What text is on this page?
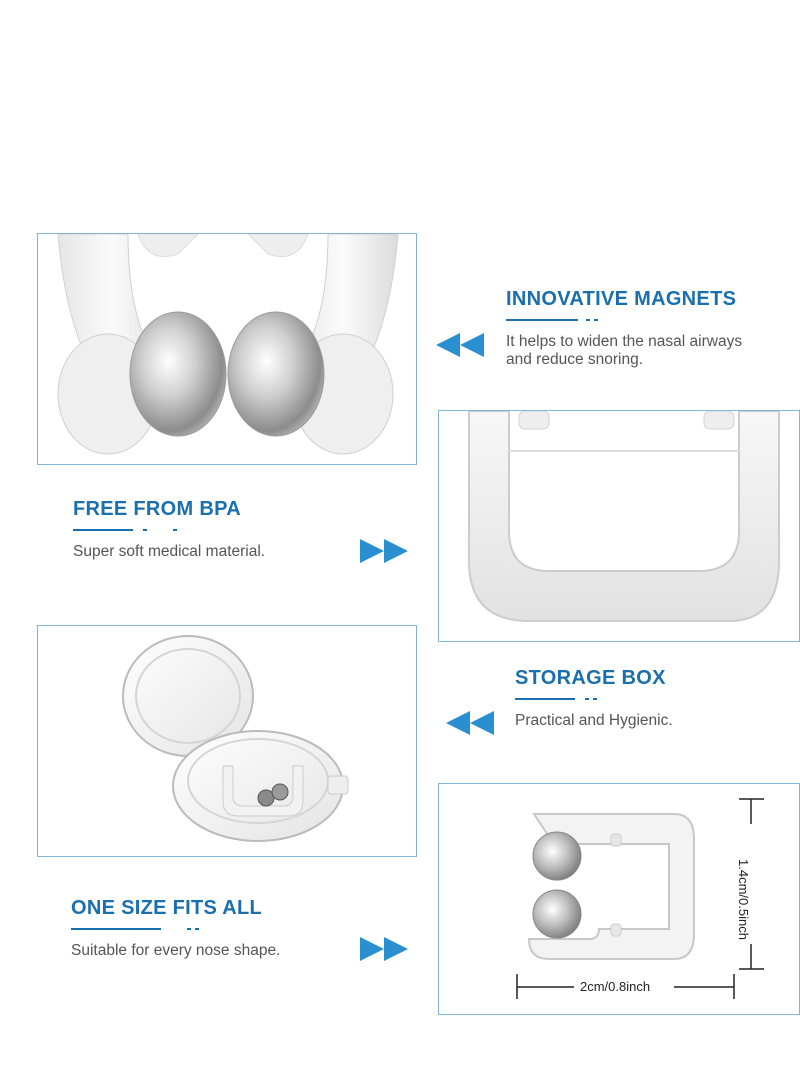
INNOVATIVE MAGNETS

It helps to widen the nasal airways

and reduce snoring.

FREE FROM BPA

Super soft medical material.

STORAGE BOX

Practical and Hygienic.

1.4cm/0.5inch
2cm/0.8inch
ONE SIZE FITS ALL

Suitable for every nose shape.
